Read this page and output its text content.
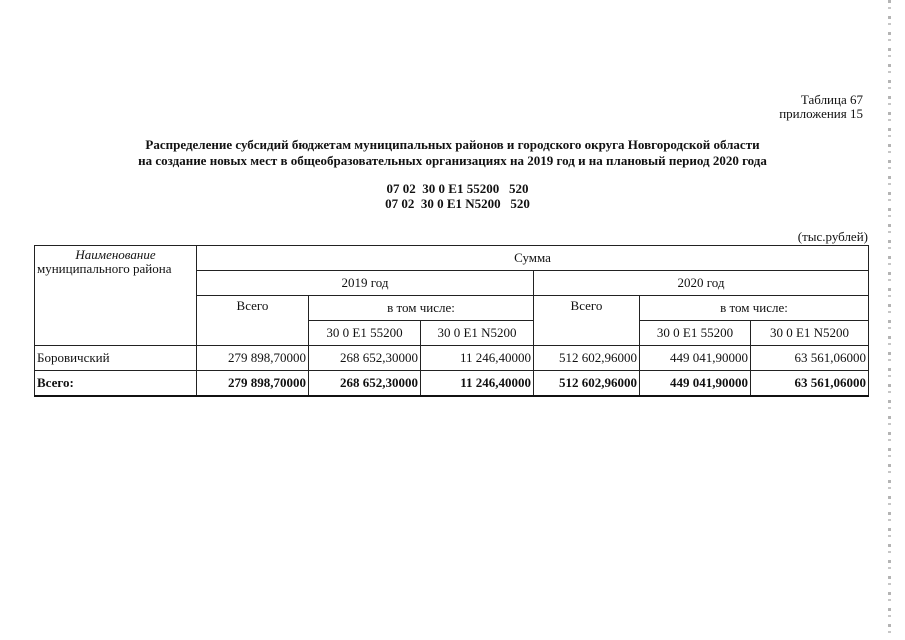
Таблица 67
приложения 15
Распределение субсидий бюджетам муниципальных районов и городского округа Новгородской области
на создание новых мест в общеобразовательных организациях на 2019 год и на плановый период 2020 года
07 02  30 0 Е1 55200   520
07 02  30 0 Е1 N5200   520
(тыс.рублей)
Наименование
муниципального района	Сумма					
	2019 год			2020 год		
	Всего	в том числе:		Всего	в том числе:	
		30 0 Е1 55200	30 0 Е1 N5200		30 0 Е1 55200	30 0 Е1 N5200
Боровичский	279 898,70000	268 652,30000	11 246,40000	512 602,96000	449 041,90000	63 561,06000
Всего:	279 898,70000	268 652,30000	11 246,40000	512 602,96000	449 041,90000	63 561,06000
